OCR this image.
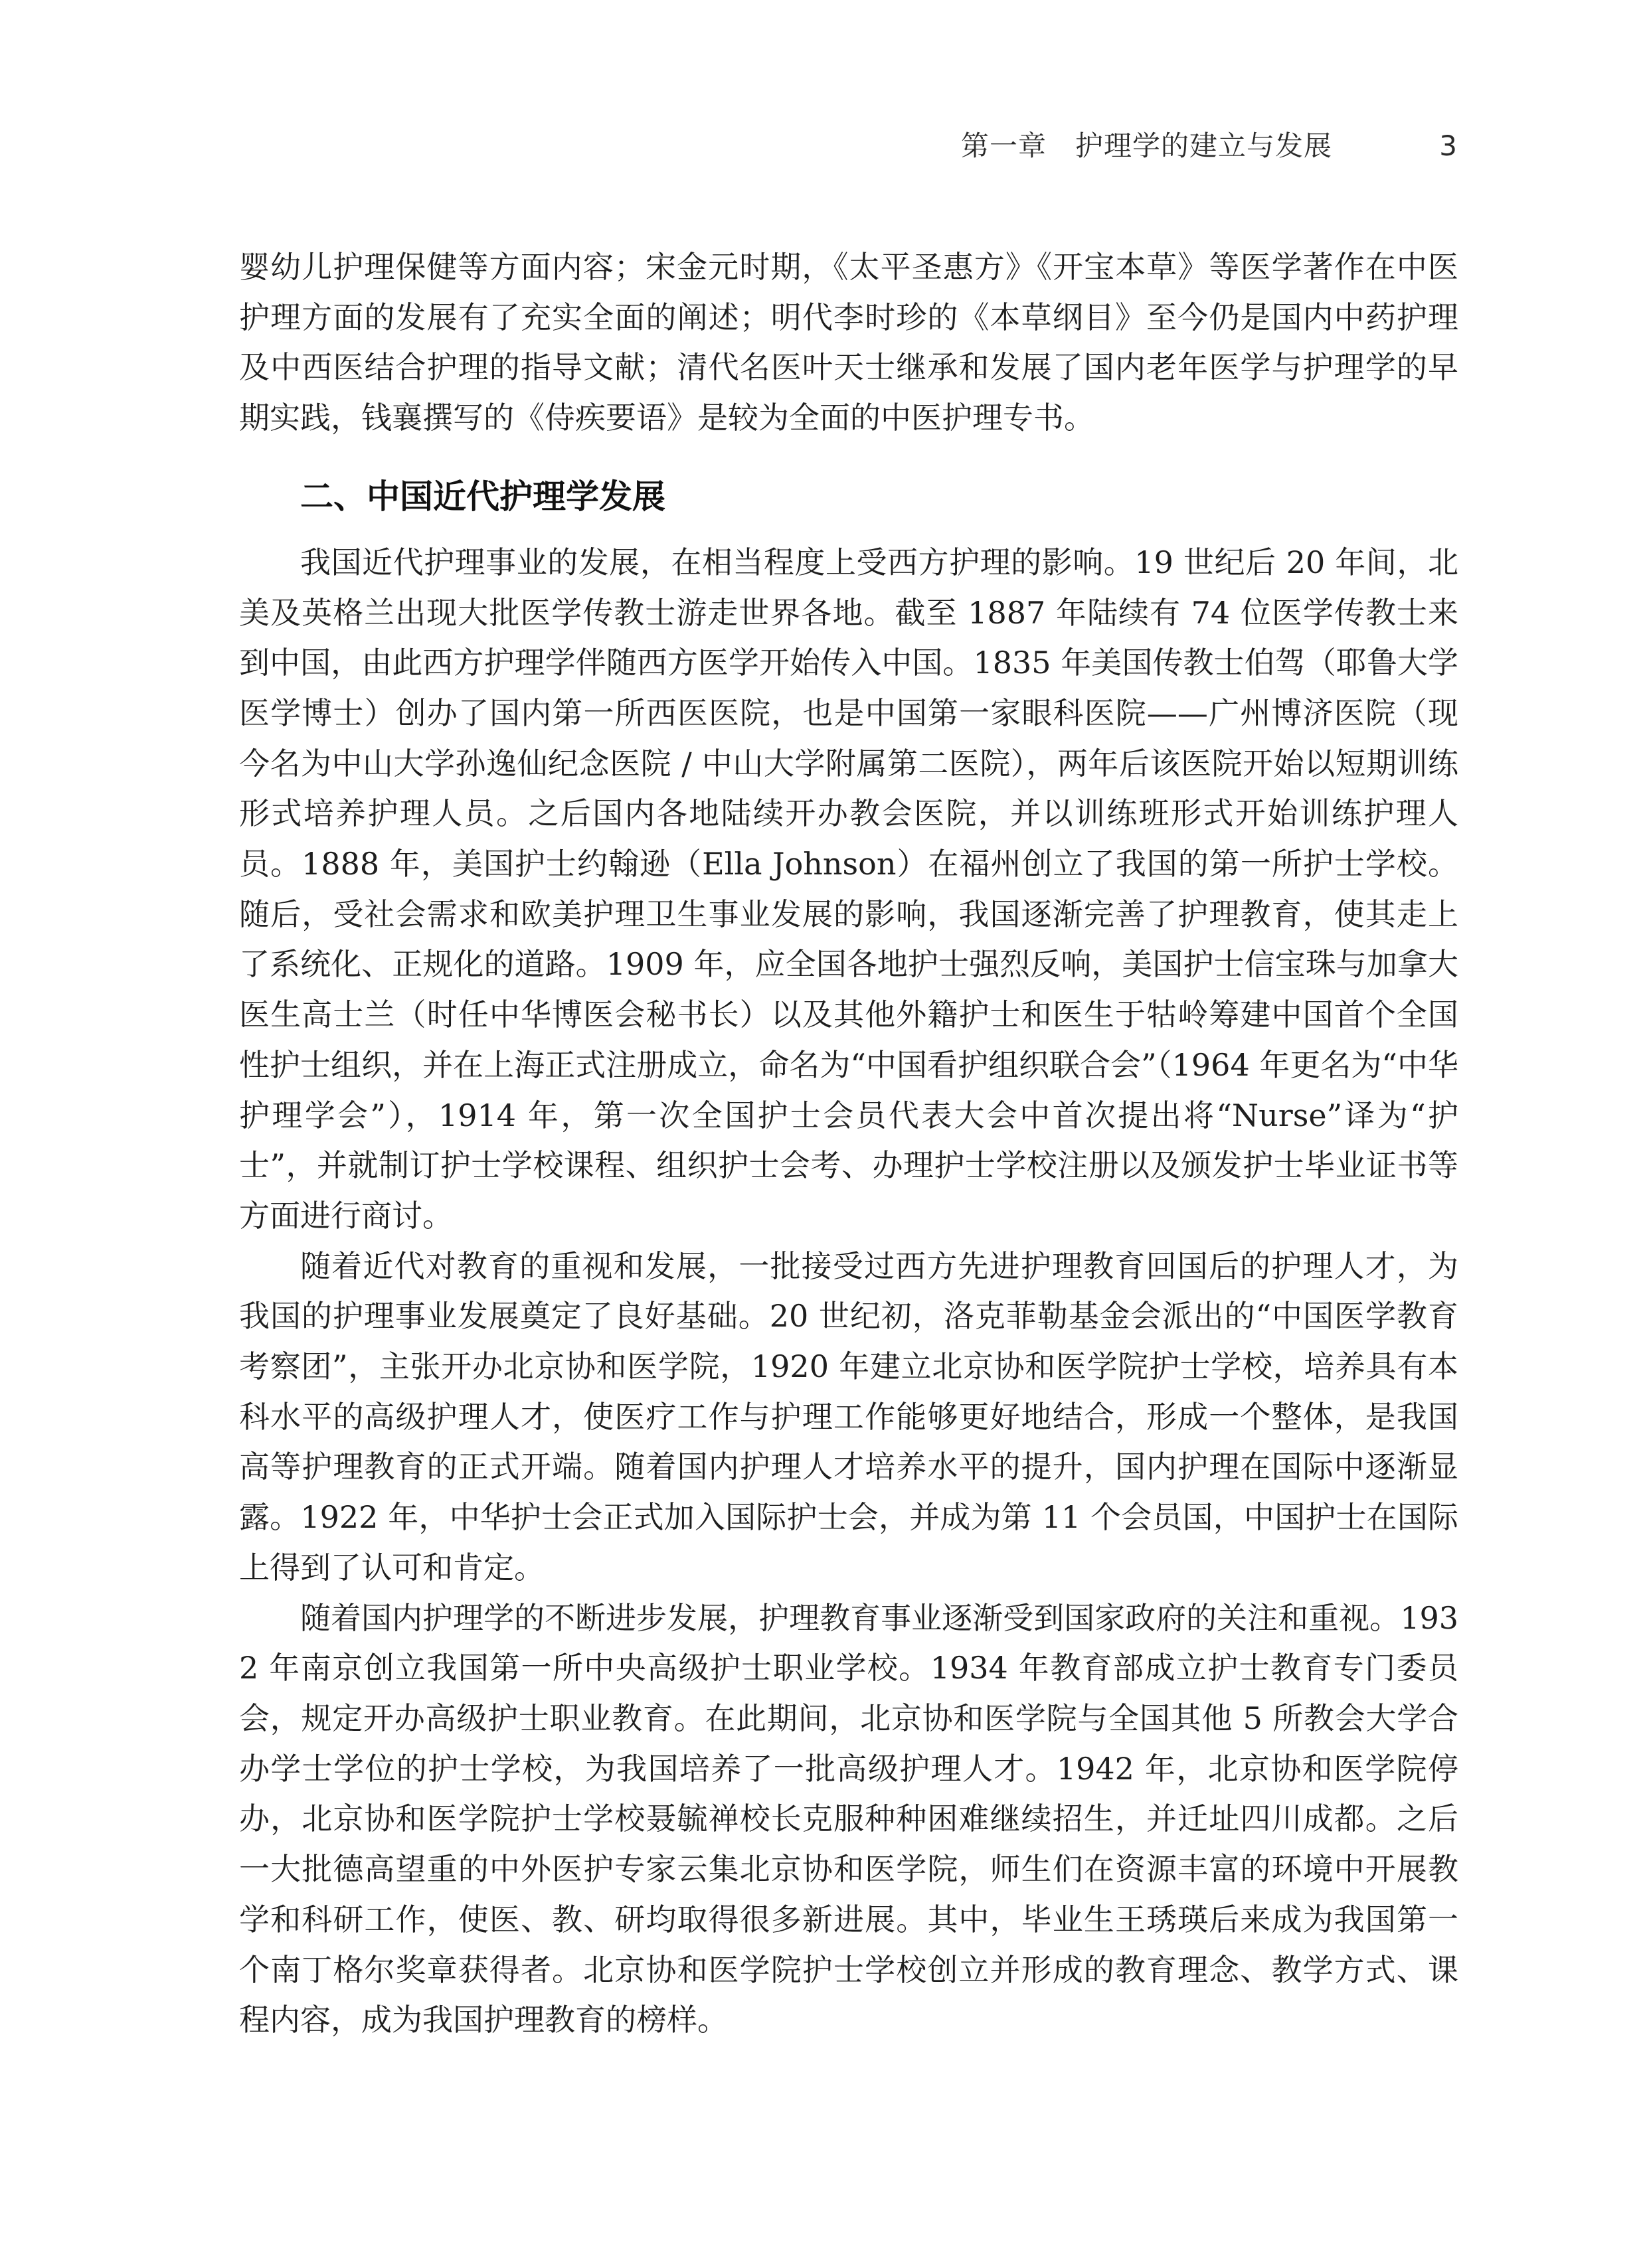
第一章　护理学的建立与发展	3

婴幼儿护理保健等方面内容；宋金元时期，《太平圣惠方》《开宝本草》等医学著作在中医护理方面的发展有了充实全面的阐述；明代李时珍的《本草纲目》至今仍是国内中药护理及中西医结合护理的指导文献；清代名医叶天士继承和发展了国内老年医学与护理学的早期实践，钱襄撰写的《侍疾要语》是较为全面的中医护理专书。

二、中国近代护理学发展

我国近代护理事业的发展，在相当程度上受西方护理的影响。19 世纪后 20 年间，北美及英格兰出现大批医学传教士游走世界各地。截至 1887 年陆续有 74 位医学传教士来到中国，由此西方护理学伴随西方医学开始传入中国。1835 年美国传教士伯驾（耶鲁大学医学博士）创办了国内第一所西医医院，也是中国第一家眼科医院——广州博济医院（现今名为中山大学孙逸仙纪念医院 / 中山大学附属第二医院），两年后该医院开始以短期训练形式培养护理人员。之后国内各地陆续开办教会医院，并以训练班形式开始训练护理人员。1888 年，美国护士约翰逊（Ella Johnson）在福州创立了我国的第一所护士学校。随后，受社会需求和欧美护理卫生事业发展的影响，我国逐渐完善了护理教育，使其走上了系统化、正规化的道路。1909 年，应全国各地护士强烈反响，美国护士信宝珠与加拿大医生高士兰（时任中华博医会秘书长）以及其他外籍护士和医生于牯岭筹建中国首个全国性护士组织，并在上海正式注册成立，命名为“中国看护组织联合会”（1964 年更名为“中华护理学会”），1914 年，第一次全国护士会员代表大会中首次提出将“Nurse”译为“护士”，并就制订护士学校课程、组织护士会考、办理护士学校注册以及颁发护士毕业证书等方面进行商讨。

随着近代对教育的重视和发展，一批接受过西方先进护理教育回国后的护理人才，为我国的护理事业发展奠定了良好基础。20 世纪初，洛克菲勒基金会派出的“中国医学教育考察团”，主张开办北京协和医学院，1920 年建立北京协和医学院护士学校，培养具有本科水平的高级护理人才，使医疗工作与护理工作能够更好地结合，形成一个整体，是我国高等护理教育的正式开端。随着国内护理人才培养水平的提升，国内护理在国际中逐渐显露。1922 年，中华护士会正式加入国际护士会，并成为第 11 个会员国，中国护士在国际上得到了认可和肯定。

随着国内护理学的不断进步发展，护理教育事业逐渐受到国家政府的关注和重视。1932 年南京创立我国第一所中央高级护士职业学校。1934 年教育部成立护士教育专门委员会，规定开办高级护士职业教育。在此期间，北京协和医学院与全国其他 5 所教会大学合办学士学位的护士学校，为我国培养了一批高级护理人才。1942 年，北京协和医学院停办，北京协和医学院护士学校聂毓禅校长克服种种困难继续招生，并迁址四川成都。之后一大批德高望重的中外医护专家云集北京协和医学院，师生们在资源丰富的环境中开展教学和科研工作，使医、教、研均取得很多新进展。其中，毕业生王琇瑛后来成为我国第一个南丁格尔奖章获得者。北京协和医学院护士学校创立并形成的教育理念、教学方式、课程内容，成为我国护理教育的榜样。
